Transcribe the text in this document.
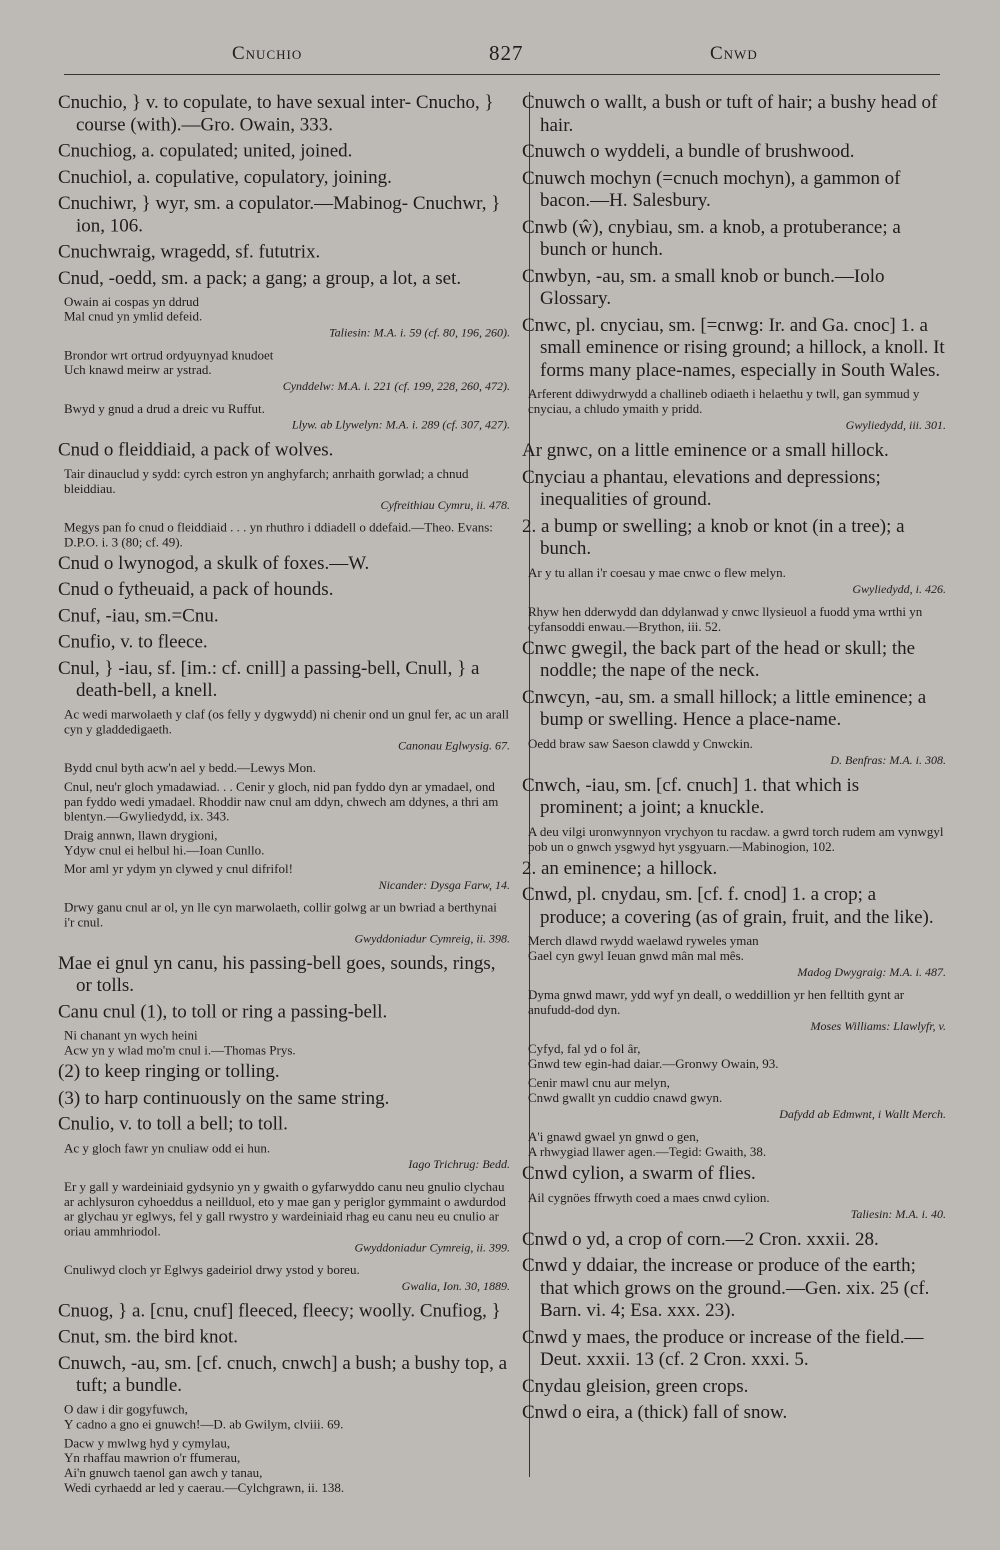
Cnuchio	827	Cnwd
Cnuchio, } v. to copulate, to have sexual inter- Cnucho, } course (with).—Gro. Owain, 333.
Cnuchiog, a. copulated; united, joined.
Cnuchiol, a. copulative, copulatory, joining.
Cnuchiwr, } wyr, sm. a copulator.—Mabinog- Cnuchwr, } ion, 106.
Cnuchwraig, wragedd, sf. fututrix.
Cnud, -oedd, sm. a pack; a gang; a group, a lot, a set.
Owain ai cospas yn ddrud
Mal cnud yn ymlid defeid.
Taliesin: M.A. i. 59 (cf. 80, 196, 260).
Brondor wrt ortrud ordyuynyad knudoet
Uch knawd meirw ar ystrad.
Cynddelw: M.A. i. 221 (cf. 199, 228, 260, 472).
Bwyd y gnud a drud a dreic vu Ruffut.
Llyw. ab Llywelyn: M.A. i. 289 (cf. 307, 427).
Cnud o fleiddiaid, a pack of wolves.
Tair dinauclud y sydd: cyrch estron yn anghyfarch; anrhaith gorwlad; a chnud bleiddiau.
Cyfreithiau Cymru, ii. 478.
Megys pan fo cnud o fleiddiaid . . . yn rhuthro i ddiadell o ddefaid.—Theo. Evans: D.P.O. i. 3 (80; cf. 49).
Cnud o lwynogod, a skulk of foxes.—W.
Cnud o fytheuaid, a pack of hounds.
Cnuf, -iau, sm.=Cnu.
Cnufio, v. to fleece.
Cnul, } -iau, sf. [im.: cf. cnill] a passing-bell, Cnull, } a death-bell, a knell.
Ac wedi marwolaeth y claf (os felly y dygwydd) ni chenir ond un gnul fer, ac un arall cyn y gladdedigaeth.
Canonau Eglwysig. 67.
Bydd cnul byth acw'n ael y bedd.—Lewys Mon.
Cnul, neu'r gloch ymadawiad. . . Cenir y gloch, nid pan fyddo dyn ar ymadael, ond pan fyddo wedi ymadael. Rhoddir naw cnul am ddyn, chwech am ddynes, a thri am blentyn.—Gwyliedydd, ix. 343.
Draig annwn, llawn drygioni,
Ydyw cnul ei helbul hi.—Ioan Cunllo.
Mor aml yr ydym yn clywed y cnul difrifol!
Nicander: Dysga Farw, 14.
Drwy ganu cnul ar ol, yn lle cyn marwolaeth, collir golwg ar un bwriad a berthynai i'r cnul.
Gwyddoniadur Cymreig, ii. 398.
Mae ei gnul yn canu, his passing-bell goes, sounds, rings, or tolls.
Canu cnul (1), to toll or ring a passing-bell.
Ni chanant yn wych heini
Acw yn y wlad mo'm cnul i.—Thomas Prys.
(2) to keep ringing or tolling.
(3) to harp continuously on the same string.
Cnulio, v. to toll a bell; to toll.
Ac y gloch fawr yn cnuliaw odd ei hun.
Iago Trichrug: Bedd.
Er y gall y wardeiniaid gydsynio yn y gwaith o gyfarwyddo canu neu gnulio clychau ar achlysuron cyhoeddus a neillduol, eto y mae gan y periglor gymmaint o awdurdod ar glychau yr eglwys, fel y gall rwystro y wardeiniaid rhag eu canu neu eu cnulio ar oriau ammhriodol.
Gwyddoniadur Cymreig, ii. 399.
Cnuliwyd cloch yr Eglwys gadeiriol drwy ystod y boreu.
Gwalia, Ion. 30, 1889.
Cnuog, } a. [cnu, cnuf] fleeced, fleecy; woolly. Cnufiog, }
Cnut, sm. the bird knot.
Cnuwch, -au, sm. [cf. cnuch, cnwch] a bush; a bushy top, a tuft; a bundle.
O daw i dir gogyfuwch,
Y cadno a gno ei gnuwch!—D. ab Gwilym, clviii. 69.
Dacw y mwlwg hyd y cymylau,
Yn rhaffau mawrion o'r ffumerau,
Ai'n gnuwch taenol gan awch y tanau,
Wedi cyrhaedd ar led y caerau.—Cylchgrawn, ii. 138.
Cnuwch o wallt, a bush or tuft of hair; a bushy head of hair.
Cnuwch o wyddeli, a bundle of brushwood.
Cnuwch mochyn (=cnuch mochyn), a gammon of bacon.—H. Salesbury.
Cnwb (ŵ), cnybiau, sm. a knob, a protuberance; a bunch or hunch.
Cnwbyn, -au, sm. a small knob or bunch.—Iolo Glossary.
Cnwc, pl. cnyciau, sm. [=cnwg: Ir. and Ga. cnoc] 1. a small eminence or rising ground; a hillock, a knoll. It forms many place-names, especially in South Wales.
Arferent ddiwydrwydd a challineb odiaeth i helaethu y twll, gan symmud y cnyciau, a chludo ymaith y pridd.
Gwyliedydd, iii. 301.
Ar gnwc, on a little eminence or a small hillock.
Cnyciau a phantau, elevations and depressions; inequalities of ground.
2. a bump or swelling; a knob or knot (in a tree); a bunch.
Ar y tu allan i'r coesau y mae cnwc o flew melyn.
Gwyliedydd, i. 426.
Rhyw hen dderwydd dan ddylanwad y cnwc llysieuol a fuodd yma wrthi yn cyfansoddi enwau.—Brython, iii. 52.
Cnwc gwegil, the back part of the head or skull; the noddle; the nape of the neck.
Cnwcyn, -au, sm. a small hillock; a little eminence; a bump or swelling. Hence a place-name.
Oedd braw saw Saeson clawdd y Cnwckin.
D. Benfras: M.A. i. 308.
Cnwch, -iau, sm. [cf. cnuch] 1. that which is prominent; a joint; a knuckle.
A deu vilgi uronwynnyon vrychyon tu racdaw. a gwrd torch rudem am vynwgyl pob un o gnwch ysgwyd hyt ysgyuarn.—Mabinogion, 102.
2. an eminence; a hillock.
Cnwd, pl. cnydau, sm. [cf. f. cnod] 1. a crop; a produce; a covering (as of grain, fruit, and the like).
Merch dlawd rwydd waelawd ryweles yman
Gael cyn gwyl Ieuan gnwd mân mal mês.
Madog Dwygraig: M.A. i. 487.
Dyma gnwd mawr, ydd wyf yn deall, o weddillion yr hen felltith gynt ar anufudd-dod dyn.
Moses Williams: Llawlyfr, v.
Cyfyd, fal yd o fol âr,
Gnwd tew egin-had daiar.—Gronwy Owain, 93.
Cenir mawl cnu aur melyn,
Cnwd gwallt yn cuddio cnawd gwyn.
Dafydd ab Edmwnt, i Wallt Merch.
A'i gnawd gwael yn gnwd o gen,
A rhwygiad llawer agen.—Tegid: Gwaith, 38.
Cnwd cylion, a swarm of flies.
Ail cygnöes ffrwyth coed a maes cnwd cylion.
Taliesin: M.A. i. 40.
Cnwd o yd, a crop of corn.—2 Cron. xxxii. 28.
Cnwd y ddaiar, the increase or produce of the earth; that which grows on the ground.—Gen. xix. 25 (cf. Barn. vi. 4; Esa. xxx. 23).
Cnwd y maes, the produce or increase of the field.—Deut. xxxii. 13 (cf. 2 Cron. xxxi. 5.
Cnydau gleision, green crops.
Cnwd o eira, a (thick) fall of snow.
